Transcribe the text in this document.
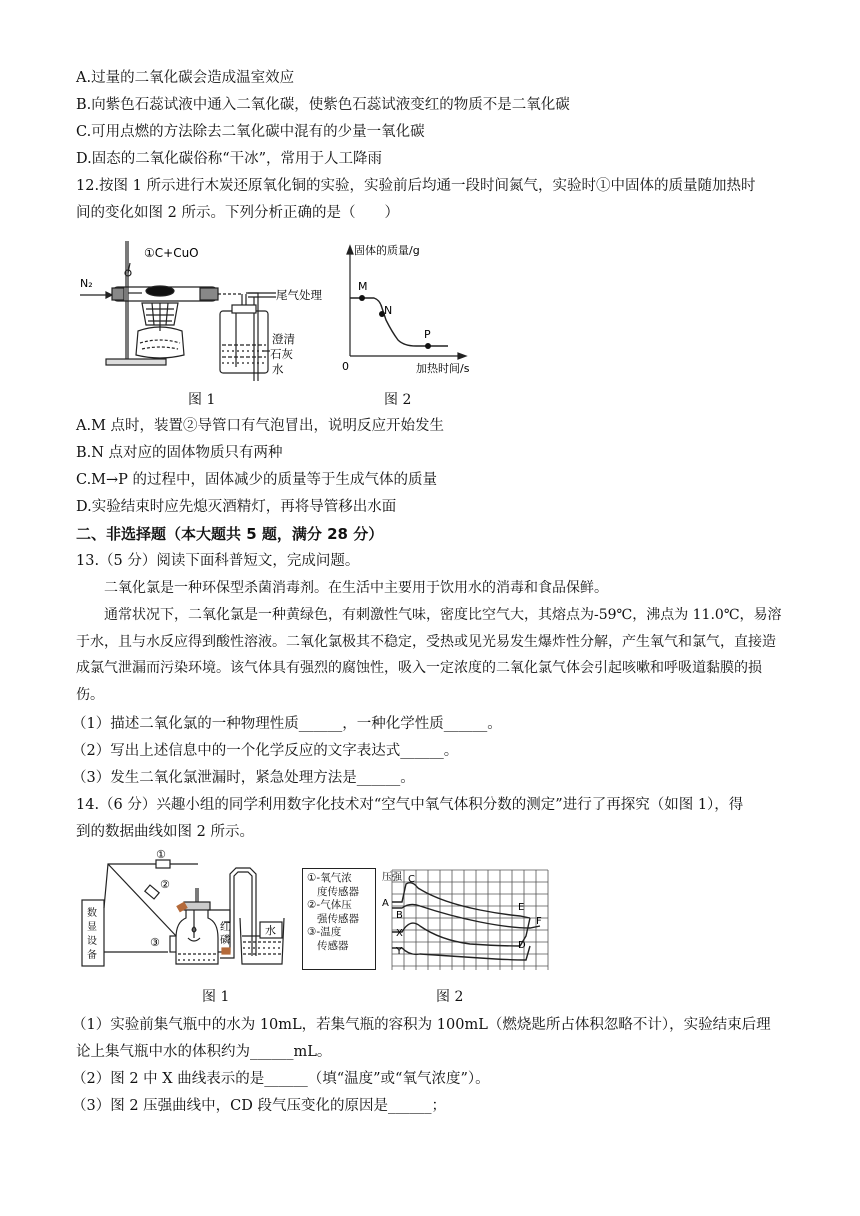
A.过量的二氧化碳会造成温室效应
B.向紫色石蕊试液中通入二氧化碳，使紫色石蕊试液变红的物质不是二氧化碳
C.可用点燃的方法除去二氧化碳中混有的少量一氧化碳
D.固态的二氧化碳俗称“干冰”，常用于人工降雨
12.按图 1 所示进行木炭还原氧化铜的实验，实验前后均通一段时间氮气，实验时①中固体的质量随加热时
间的变化如图 2 所示。下列分析正确的是（　　）
N₂
①C+CuO
尾气处理
澄清
石灰
水
图 1
固体的质量/g
M
N
P
0	加热时间/s
图 2
A.M 点时，装置②导管口有气泡冒出，说明反应开始发生
B.N 点对应的固体物质只有两种
C.M→P 的过程中，固体减少的质量等于生成气体的质量
D.实验结束时应先熄灭酒精灯，再将导管移出水面
二、非选择题（本大题共 5 题，满分 28 分）
13.（5 分）阅读下面科普短文，完成问题。
二氧化氯是一种环保型杀菌消毒剂。在生活中主要用于饮用水的消毒和食品保鲜。
通常状况下，二氧化氯是一种黄绿色，有刺激性气味，密度比空气大，其熔点为-59℃，沸点为 11.0℃，易溶于水，且与水反应得到酸性溶液。二氧化氯极其不稳定，受热或见光易发生爆炸性分解，产生氧气和氯气，直接造成氯气泄漏而污染环境。该气体具有强烈的腐蚀性，吸入一定浓度的二氧化氯气体会引起咳嗽和呼吸道黏膜的损伤。
（1）描述二氧化氯的一种物理性质______，一种化学性质______。
（2）写出上述信息中的一个化学反应的文字表达式______。
（3）发生二氧化氯泄漏时，紧急处理方法是______。
14.（6 分）兴趣小组的同学利用数字化技术对“空气中氧气体积分数的测定”进行了再探究（如图 1），得
到的数据曲线如图 2 所示。
数
显
设
备
①
②
③
红
磷
水
①-氧气浓
度传感器
②-气体压
强传感器
③-温度
传感器
图 1
压强
A
B
C
X
Y
D
E
F
图 2
（1）实验前集气瓶中的水为 10mL，若集气瓶的容积为 100mL（燃烧匙所占体积忽略不计），实验结束后理
论上集气瓶中水的体积约为______mL。
（2）图 2 中 X 曲线表示的是______（填“温度”或“氧气浓度”）。
（3）图 2 压强曲线中，CD 段气压变化的原因是______；
